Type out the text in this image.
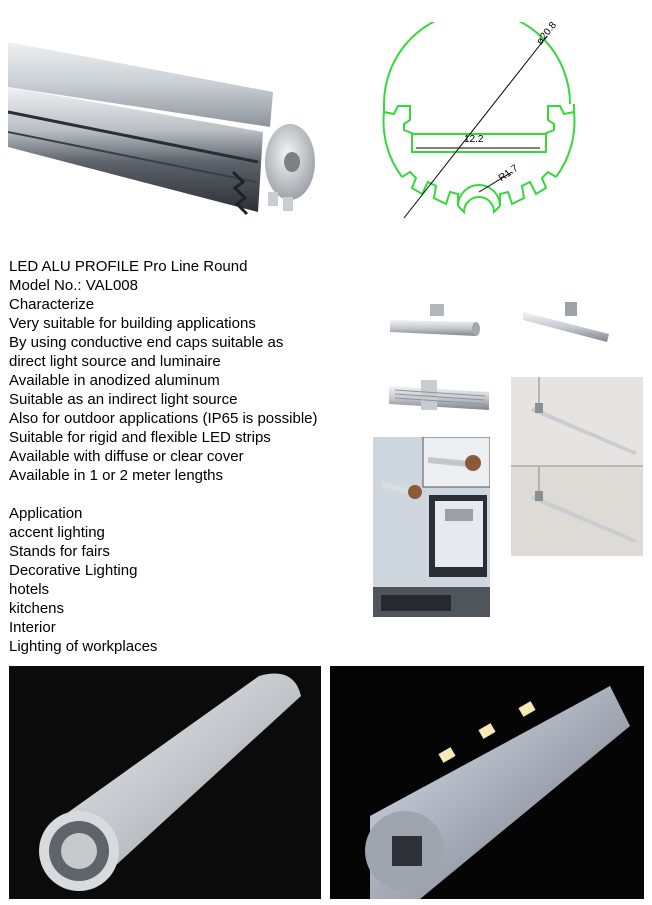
ø20.8
12.2
R1.7
LED ALU PROFILE Pro Line Round
Model No.: VAL008
Characterize
Very suitable for building applications
By using conductive end caps suitable as
direct light source and luminaire
Available in anodized aluminum
Suitable as an indirect light source
Also for outdoor applications (IP65 is possible)
Suitable for rigid and flexible LED strips
Available with diffuse or clear cover
Available in 1 or 2 meter lengths
Application
accent lighting
Stands for fairs
Decorative Lighting
hotels
kitchens
Interior
Lighting of workplaces
